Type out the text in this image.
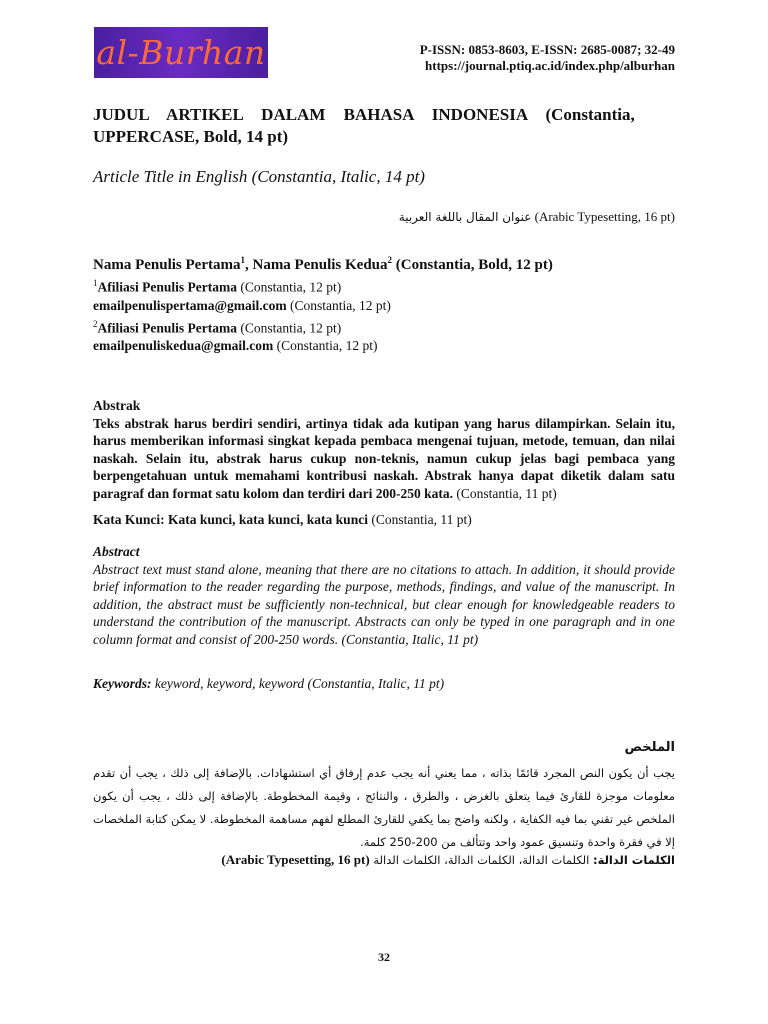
al-Burhan	P-ISSN: 0853-8603, E-ISSN: 2685-0087; 32-49
https://journal.ptiq.ac.id/index.php/alburhan
JUDUL ARTIKEL DALAM BAHASA INDONESIA (Constantia,
UPPERCASE, Bold, 14 pt)
Article Title in English (Constantia, Italic, 14 pt)
عنوان المقال باللغة العربية (Arabic Typesetting, 16 pt)
Nama Penulis Pertama$^1$, Nama Penulis Kedua$^2$ (Constantia, Bold, 12 pt)
$^1$Afiliasi Penulis Pertama (Constantia, 12 pt)
emailpenulispertama@gmail.com (Constantia, 12 pt)
$^2$Afiliasi Penulis Pertama (Constantia, 12 pt)
emailpenuliskedua@gmail.com (Constantia, 12 pt)
Abstrak
Teks abstrak harus berdiri sendiri, artinya tidak ada kutipan yang harus dilampirkan. Selain itu, harus memberikan informasi singkat kepada pembaca mengenai tujuan, metode, temuan, dan nilai naskah. Selain itu, abstrak harus cukup non-teknis, namun cukup jelas bagi pembaca yang berpengetahuan untuk memahami kontribusi naskah. Abstrak hanya dapat diketik dalam satu paragraf dan format satu kolom dan terdiri dari 200-250 kata. (Constantia, 11 pt)
Kata Kunci: Kata kunci, kata kunci, kata kunci (Constantia, 11 pt)
Abstract
Abstract text must stand alone, meaning that there are no citations to attach. In addition, it should provide brief information to the reader regarding the purpose, methods, findings, and value of the manuscript. In addition, the abstract must be sufficiently non-technical, but clear enough for knowledgeable readers to understand the contribution of the manuscript. Abstracts can only be typed in one paragraph and in one column format and consist of 200-250 words. (Constantia, Italic, 11 pt)
Keywords: keyword, keyword, keyword (Constantia, Italic, 11 pt)
الملخص
يجب أن يكون النص المجرد قائمًا بذاته ، مما يعني أنه يجب عدم إرفاق أي استشهادات. بالإضافة إلى ذلك ، يجب أن تقدم معلومات موجزة للقارئ فيما يتعلق بالغرض ، والطرق ، والنتائج ، وقيمة المخطوطة. بالإضافة إلى ذلك ، يجب أن يكون الملخص غير تقني بما فيه الكفاية ، ولكنه واضح بما يكفي للقارئ المطلع لفهم مساهمة المخطوطة. لا يمكن كتابة الملخصات إلا في فقرة واحدة وتنسيق عمود واحد وتتألف من 200-250 كلمة.
الكلمات الدالة: الكلمات الدالة، الكلمات الدالة، الكلمات الدالة (Arabic Typesetting, 16 pt)
32
